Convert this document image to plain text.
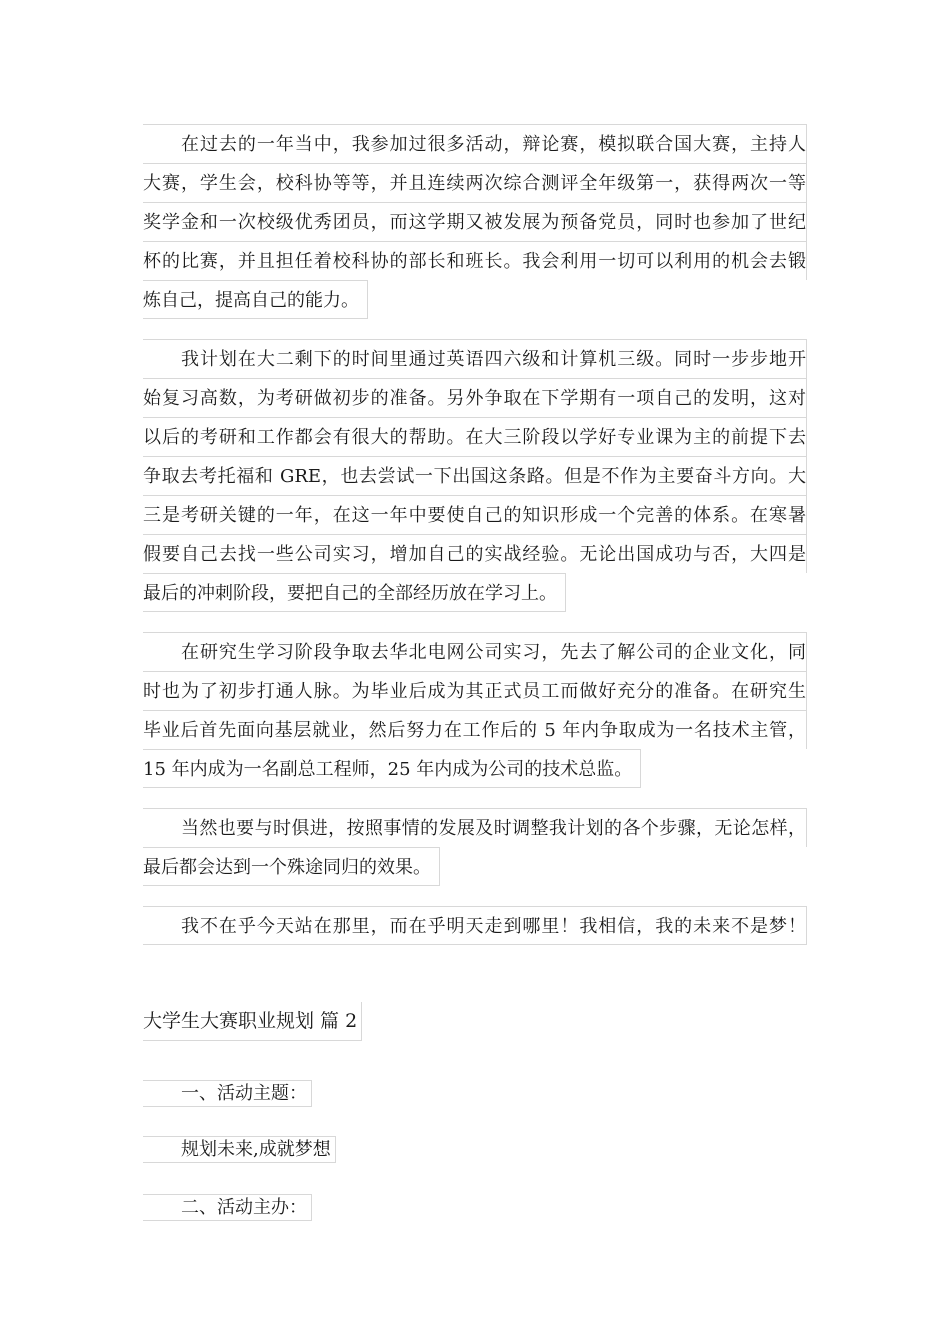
在过去的一年当中，我参加过很多活动，辩论赛，模拟联合国大赛，主持人
大赛，学生会，校科协等等，并且连续两次综合测评全年级第一，获得两次一等
奖学金和一次校级优秀团员，而这学期又被发展为预备党员，同时也参加了世纪
杯的比赛，并且担任着校科协的部长和班长。我会利用一切可以利用的机会去锻
炼自己，提高自己的能力。
我计划在大二剩下的时间里通过英语四六级和计算机三级。同时一步步地开
始复习高数，为考研做初步的准备。另外争取在下学期有一项自己的发明，这对
以后的考研和工作都会有很大的帮助。在大三阶段以学好专业课为主的前提下去
争取去考托福和 GRE，也去尝试一下出国这条路。但是不作为主要奋斗方向。大
三是考研关键的一年，在这一年中要使自己的知识形成一个完善的体系。在寒暑
假要自己去找一些公司实习，增加自己的实战经验。无论出国成功与否，大四是
最后的冲刺阶段，要把自己的全部经历放在学习上。
在研究生学习阶段争取去华北电网公司实习，先去了解公司的企业文化，同
时也为了初步打通人脉。为毕业后成为其正式员工而做好充分的准备。在研究生
毕业后首先面向基层就业，然后努力在工作后的 5 年内争取成为一名技术主管，
15 年内成为一名副总工程师，25 年内成为公司的技术总监。
当然也要与时俱进，按照事情的发展及时调整我计划的各个步骤，无论怎样，
最后都会达到一个殊途同归的效果。
我不在乎今天站在那里，而在乎明天走到哪里！我相信，我的未来不是梦！
大学生大赛职业规划 篇 2
一、活动主题：
规划未来,成就梦想
二、活动主办：
